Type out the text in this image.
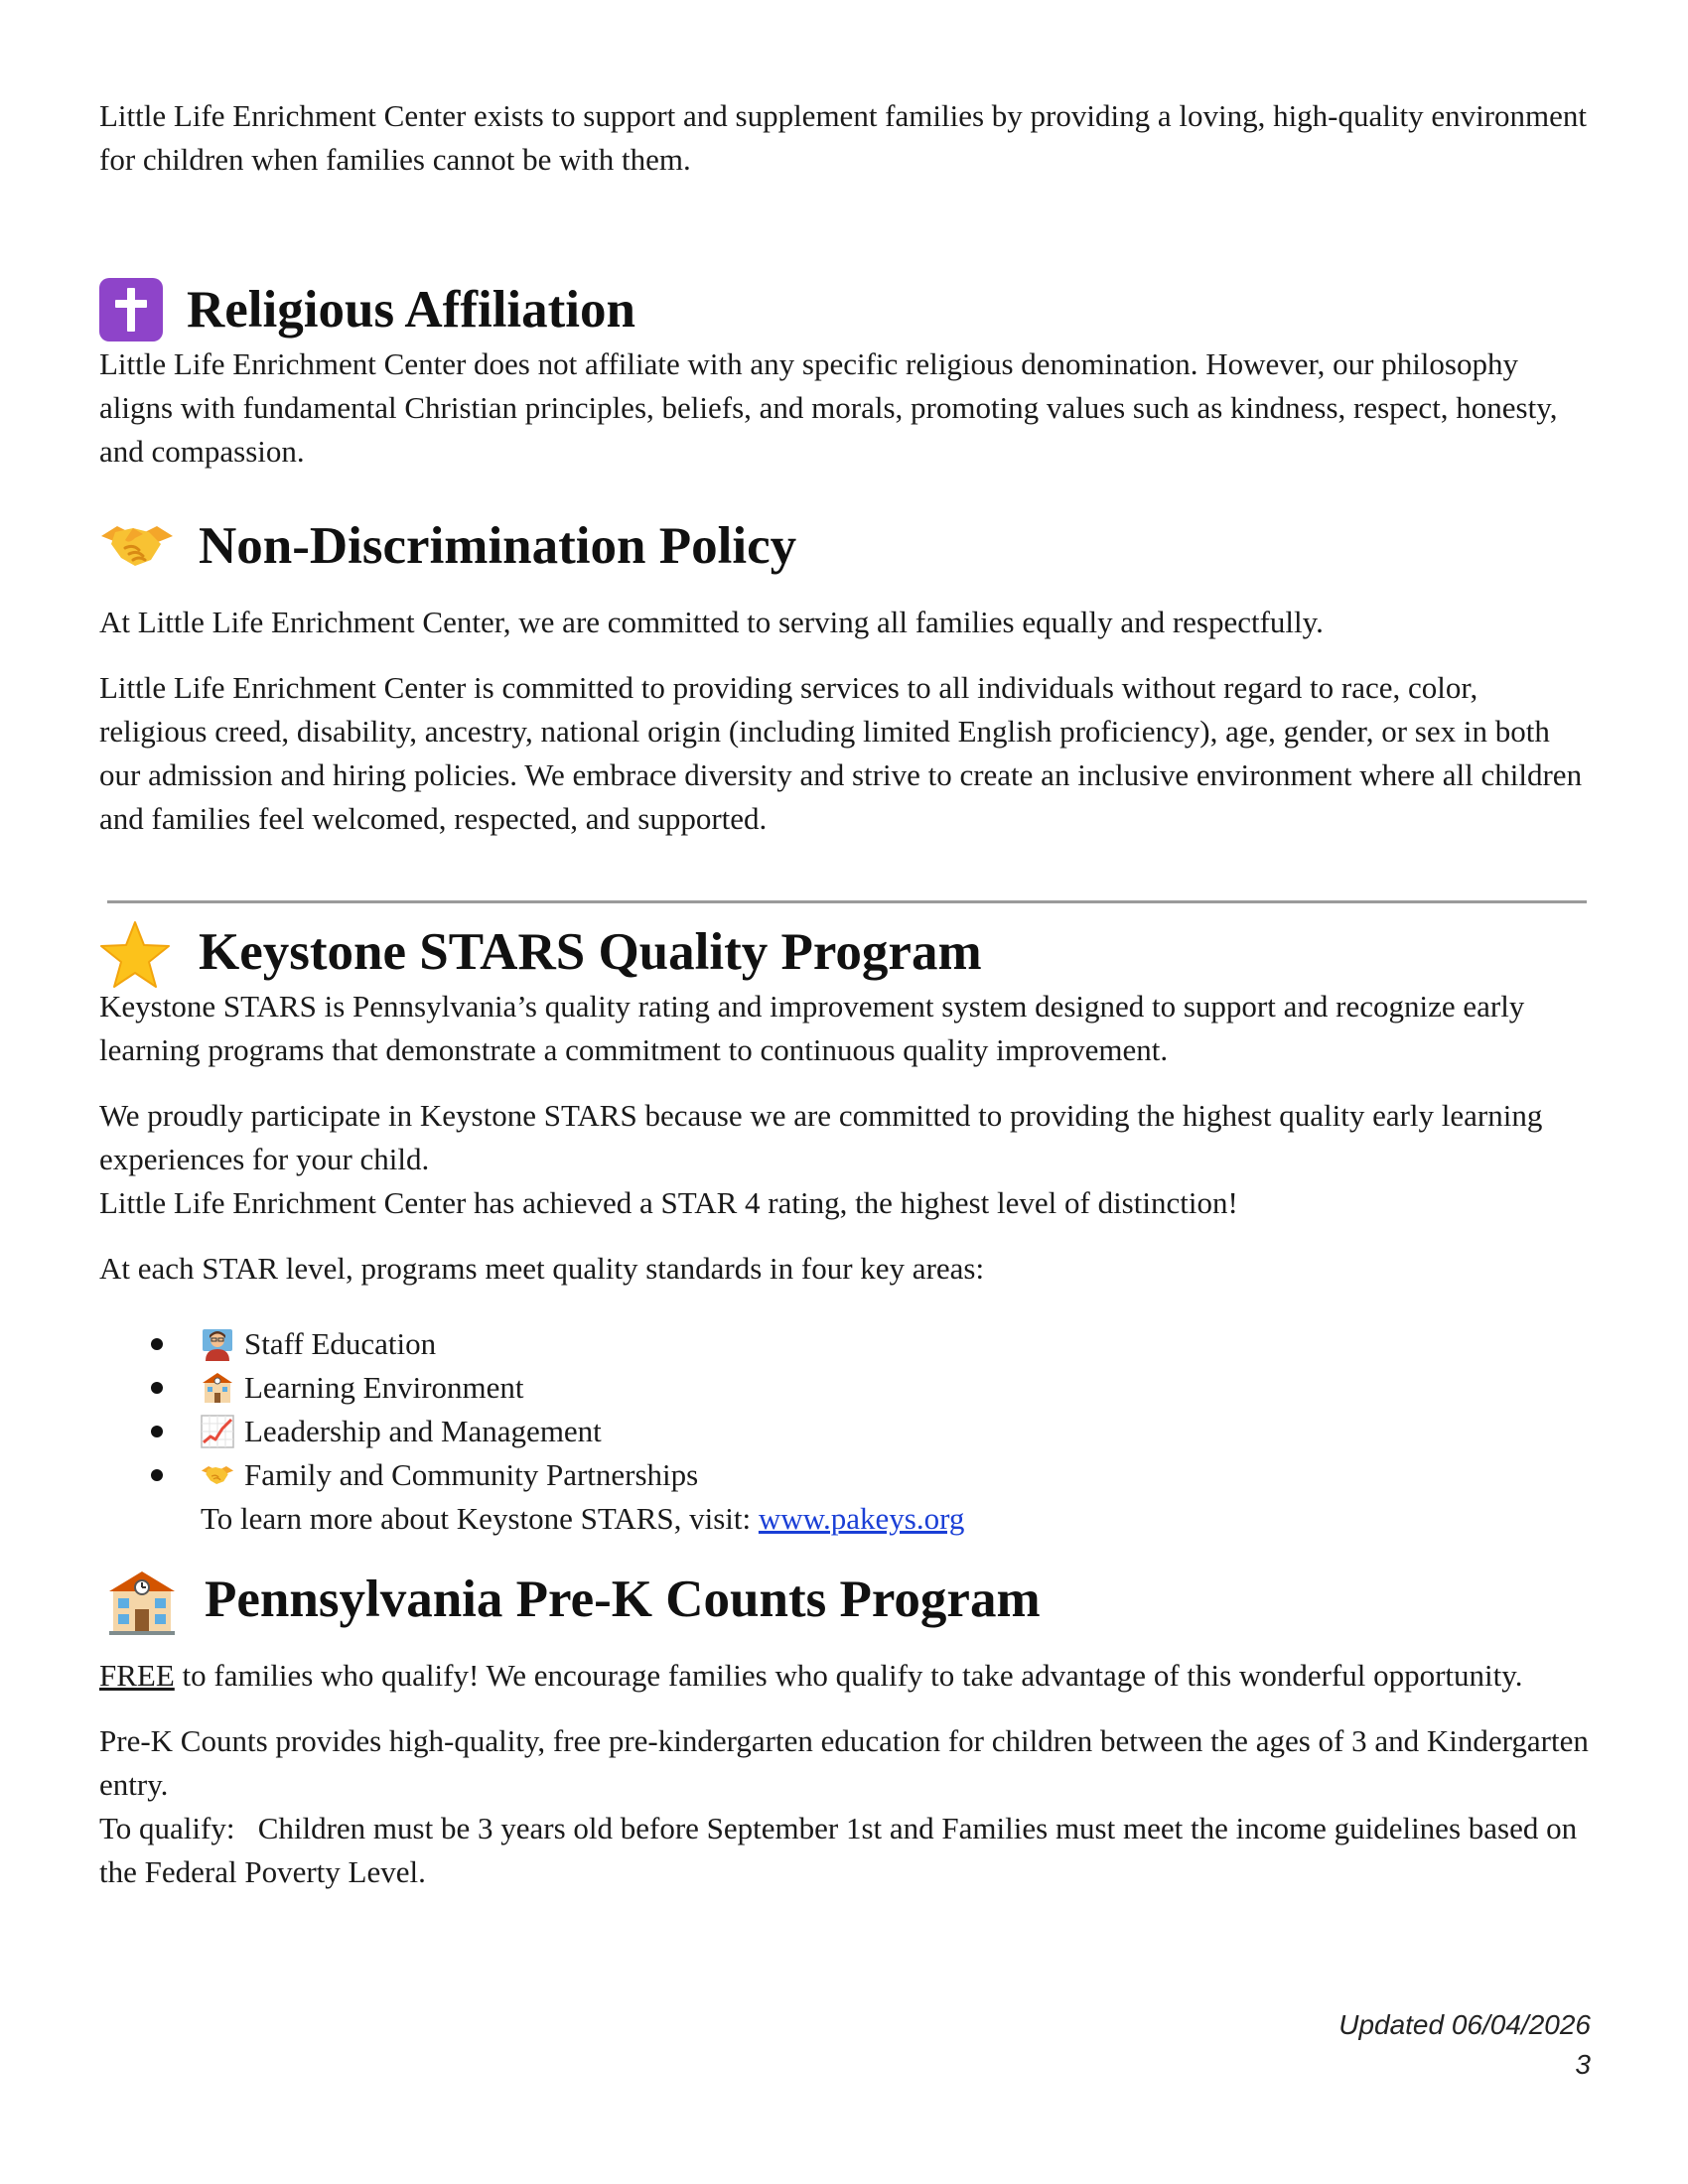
Little Life Enrichment Center exists to support and supplement families by providing a loving, high-quality environment for children when families cannot be with them.

Religious Affiliation

Little Life Enrichment Center does not affiliate with any specific religious denomination. However, our philosophy aligns with fundamental Christian principles, beliefs, and morals, promoting values such as kindness, respect, honesty, and compassion.

Non-Discrimination Policy

At Little Life Enrichment Center, we are committed to serving all families equally and respectfully.

Little Life Enrichment Center is committed to providing services to all individuals without regard to race, color, religious creed, disability, ancestry, national origin (including limited English proficiency), age, gender, or sex in both our admission and hiring policies. We embrace diversity and strive to create an inclusive environment where all children and families feel welcomed, respected, and supported.

Keystone STARS Quality Program

Keystone STARS is Pennsylvania’s quality rating and improvement system designed to support and recognize early learning programs that demonstrate a commitment to continuous quality improvement.

We proudly participate in Keystone STARS because we are committed to providing the highest quality early learning experiences for your child.

Little Life Enrichment Center has achieved a STAR 4 rating, the highest level of distinction!

At each STAR level, programs meet quality standards in four key areas:

Staff Education
Learning Environment
Leadership and Management
Family and Community Partnerships
To learn more about Keystone STARS, visit: www.pakeys.org
Pennsylvania Pre-K Counts Program

FREE to families who qualify! We encourage families who qualify to take advantage of this wonderful opportunity.

Pre-K Counts provides high-quality, free pre-kindergarten education for children between the ages of 3 and Kindergarten entry.

To qualify:   Children must be 3 years old before September 1st and Families must meet the income guidelines based on the Federal Poverty Level.

Updated 06/04/2026
3
